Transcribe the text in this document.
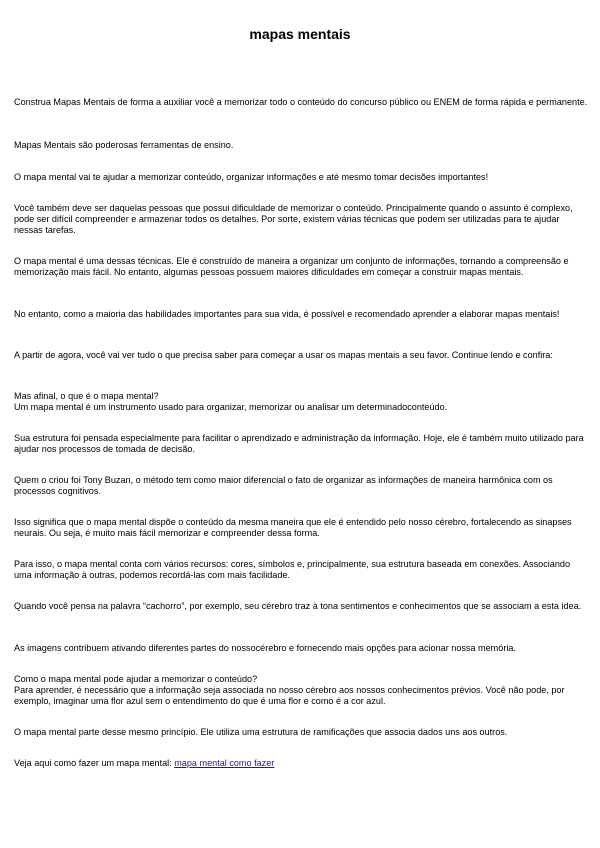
mapas mentais

Construa Mapas Mentais de forma a auxiliar você a memorizar todo o conteúdo do concurso público ou ENEM de forma rápida e permanente.

Mapas Mentais são poderosas ferramentas de ensino.

O mapa mental vai te ajudar a memorizar conteúdo, organizar informações e até mesmo tomar decisões importantes!

Você também deve ser daquelas pessoas que possui dificuldade de memorizar o conteúdo. Principalmente quando o assunto é complexo, pode ser difícil compreender e armazenar todos os detalhes. Por sorte, existem várias técnicas que podem ser utilizadas para te ajudar nessas tarefas.

O mapa mental é uma dessas técnicas. Ele é construído de maneira a organizar um conjunto de informações, tornando a compreensão e memorização mais fácil. No entanto, algumas pessoas possuem maiores dificuldades em começar a construir mapas mentais.

No entanto, como a maioria das habilidades importantes para sua vida, é possível e recomendado aprender a elaborar mapas mentais!

A partir de agora, você vai ver tudo o que precisa saber para começar a usar os mapas mentais a seu favor. Continue lendo e confira:

Mas afinal, o que é o mapa mental?
Um mapa mental é um instrumento usado para organizar, memorizar ou analisar um determinadoconteúdo.

Sua estrutura foi pensada especialmente para facilitar o aprendizado e administração da informação. Hoje, ele é também muito utilizado para ajudar nos processos de tomada de decisão.

Quem o criou foi Tony Buzan, o método tem como maior diferencial o fato de organizar as informações de maneira harmônica com os processos cognitivos.

Isso significa que o mapa mental dispõe o conteúdo da mesma maneira que ele é entendido pelo nosso cérebro, fortalecendo as sinapses neurais. Ou seja, é muito mais fácil memorizar e compreender dessa forma.

Para isso, o mapa mental conta com vários recursos: cores, símbolos e, principalmente, sua estrutura baseada em conexões. Associando uma informação à outras, podemos recordá-las com mais facilidade.

Quando você pensa na palavra “cachorro”, por exemplo, seu cérebro traz à tona sentimentos e conhecimentos que se associam a esta idea.

As imagens contribuem ativando diferentes partes do nossocérebro e fornecendo mais opções para acionar nossa memória.

Como o mapa mental pode ajudar a memorizar o conteúdo?
Para aprender, é necessário que a informação seja associada no nosso cérebro aos nossos conhecimentos prévios. Você não pode, por exemplo, imaginar uma flor azul sem o entendimento do que é uma flor e como é a cor azul.

O mapa mental parte desse mesmo princípio. Ele utiliza uma estrutura de ramificações que associa dados uns aos outros.

Veja aqui como fazer um mapa mental: mapa mental como fazer
